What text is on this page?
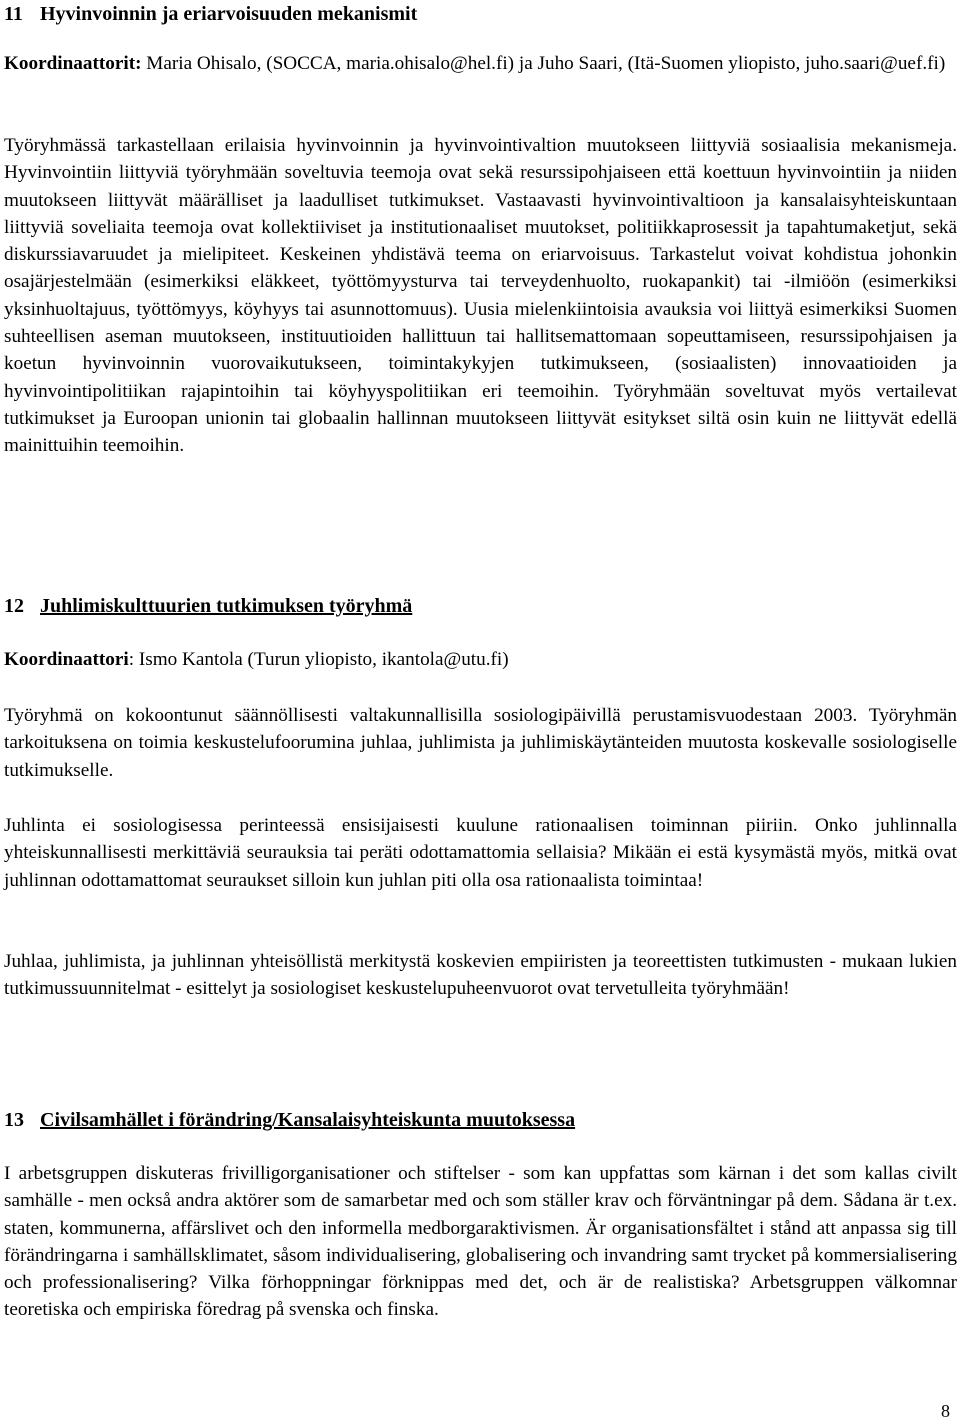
11 Hyvinvoinnin ja eriarvoisuuden mekanismit
Koordinaattorit: Maria Ohisalo, (SOCCA, maria.ohisalo@hel.fi) ja Juho Saari, (Itä-Suomen yliopisto, juho.saari@uef.fi)
Työryhmässä tarkastellaan erilaisia hyvinvoinnin ja hyvinvointivaltion muutokseen liittyviä sosiaalisia mekanismeja. Hyvinvointiin liittyviä työryhmään soveltuvia teemoja ovat sekä resurssipohjaiseen että koettuun hyvinvointiin ja niiden muutokseen liittyvät määrälliset ja laadulliset tutkimukset. Vastaavasti hyvinvointivaltioon ja kansalaisyhteiskuntaan liittyviä soveliaita teemoja ovat kollektiiviset ja institutionaaliset muutokset, politiikkaprosessit ja tapahtumaketjut, sekä diskurssiavaruudet ja mielipiteet. Keskeinen yhdistävä teema on eriarvoisuus. Tarkastelut voivat kohdistua johonkin osajärjestelmään (esimerkiksi eläkkeet, työttömyysturva tai terveydenhuolto, ruokapankit) tai -ilmiöön (esimerkiksi yksinhuoltajuus, työttömyys, köyhyys tai asunnottomuus). Uusia mielenkiintoisia avauksia voi liittyä esimerkiksi Suomen suhteellisen aseman muutokseen, instituutioiden hallittuun tai hallitsemattomaan sopeuttamiseen, resurssipohjaisen ja koetun hyvinvoinnin vuorovaikutukseen, toimintakykyjen tutkimukseen, (sosiaalisten) innovaatioiden ja hyvinvointipolitiikan rajapintoihin tai köyhyyspolitiikan eri teemoihin. Työryhmään soveltuvat myös vertailevat tutkimukset ja Euroopan unionin tai globaalin hallinnan muutokseen liittyvät esitykset siltä osin kuin ne liittyvät edellä mainittuihin teemoihin.
12 Juhlimiskulttuurien tutkimuksen työryhmä
Koordinaattori: Ismo Kantola (Turun yliopisto, ikantola@utu.fi)
Työryhmä on kokoontunut säännöllisesti valtakunnallisilla sosiologipäivillä perustamisvuodestaan 2003. Työryhmän tarkoituksena on toimia keskustelufoorumina juhlaa, juhlimista ja juhlimiskäytänteiden muutosta koskevalle sosiologiselle tutkimukselle.
Juhlinta ei sosiologisessa perinteessä ensisijaisesti kuulune rationaalisen toiminnan piiriin. Onko juhlinnalla yhteiskunnallisesti merkittäviä seurauksia tai peräti odottamattomia sellaisia? Mikään ei estä kysymästä myös, mitkä ovat juhlinnan odottamattomat seuraukset silloin kun juhlan piti olla osa rationaalista toimintaa!
Juhlaa, juhlimista, ja juhlinnan yhteisöllistä merkitystä koskevien empiiristen ja teoreettisten tutkimusten - mukaan lukien tutkimussuunnitelmat - esittelyt ja sosiologiset keskustelupuheenvuorot ovat tervetulleita työryhmään!
13 Civilsamhället i förändring/Kansalaisyhteiskunta muutoksessa
I arbetsgruppen diskuteras frivilligorganisationer och stiftelser - som kan uppfattas som kärnan i det som kallas civilt samhälle - men också andra aktörer som de samarbetar med och som ställer krav och förväntningar på dem. Sådana är t.ex. staten, kommunerna, affärslivet och den informella medborgaraktivismen. Är organisationsfältet i stånd att anpassa sig till förändringarna i samhällsklimatet, såsom individualisering, globalisering och invandring samt trycket på kommersialisering och professionalisering? Vilka förhoppningar förknippas med det, och är de realistiska? Arbetsgruppen välkomnar teoretiska och empiriska föredrag på svenska och finska.
8
